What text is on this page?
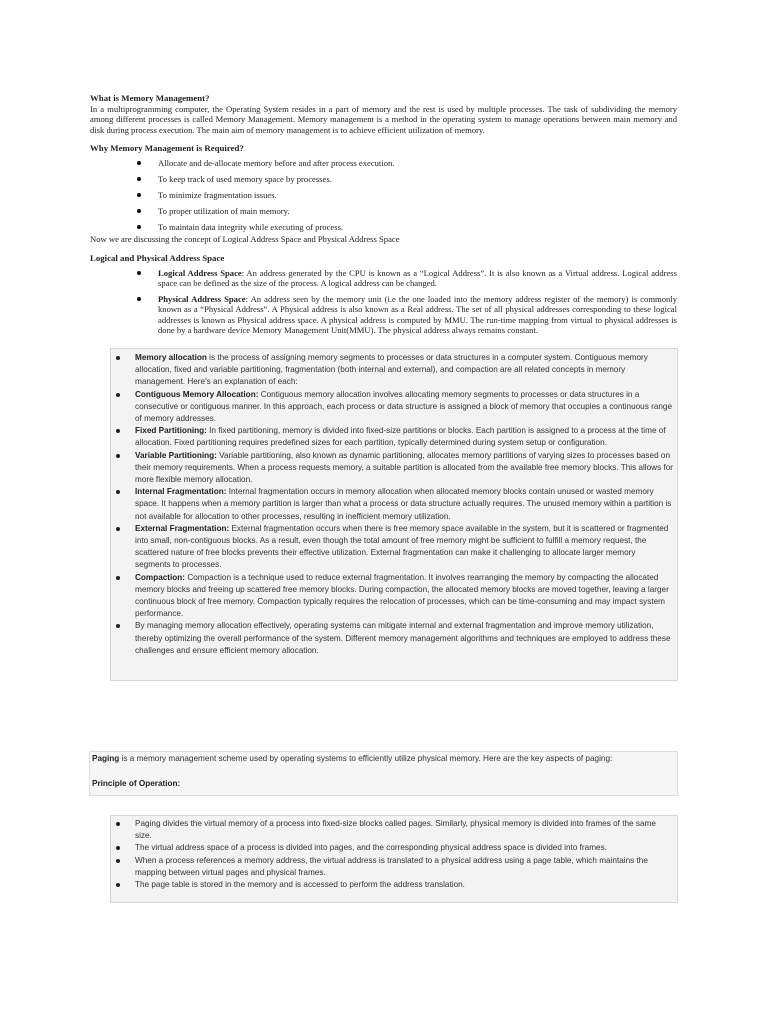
What is Memory Management?
In a multiprogramming computer, the Operating System resides in a part of memory and the rest is used by multiple processes. The task of subdividing the memory among different processes is called Memory Management. Memory management is a method in the operating system to manage operations between main memory and disk during process execution. The main aim of memory management is to achieve efficient utilization of memory.
Why Memory Management is Required?
Allocate and de-allocate memory before and after process execution.
To keep track of used memory space by processes.
To minimize fragmentation issues.
To proper utilization of main memory.
To maintain data integrity while executing of process.
Now we are discussing the concept of Logical Address Space and Physical Address Space
Logical and Physical Address Space
Logical Address Space: An address generated by the CPU is known as a “Logical Address”. It is also known as a Virtual address. Logical address space can be defined as the size of the process. A logical address can be changed.
Physical Address Space: An address seen by the memory unit (i.e the one loaded into the memory address register of the memory) is commonly known as a “Physical Address”. A Physical address is also known as a Real address. The set of all physical addresses corresponding to these logical addresses is known as Physical address space. A physical address is computed by MMU. The run-time mapping from virtual to physical addresses is done by a hardware device Memory Management Unit(MMU). The physical address always remains constant.
Memory allocation is the process of assigning memory segments to processes or data structures in a computer system. Contiguous memory allocation, fixed and variable partitioning, fragmentation (both internal and external), and compaction are all related concepts in memory management. Here's an explanation of each:
Contiguous Memory Allocation: Contiguous memory allocation involves allocating memory segments to processes or data structures in a consecutive or contiguous manner. In this approach, each process or data structure is assigned a block of memory that occupies a continuous range of memory addresses.
Fixed Partitioning: In fixed partitioning, memory is divided into fixed-size partitions or blocks. Each partition is assigned to a process at the time of allocation. Fixed partitioning requires predefined sizes for each partition, typically determined during system setup or configuration.
Variable Partitioning: Variable partitioning, also known as dynamic partitioning, allocates memory partitions of varying sizes to processes based on their memory requirements. When a process requests memory, a suitable partition is allocated from the available free memory blocks. This allows for more flexible memory allocation.
Internal Fragmentation: Internal fragmentation occurs in memory allocation when allocated memory blocks contain unused or wasted memory space. It happens when a memory partition is larger than what a process or data structure actually requires. The unused memory within a partition is not available for allocation to other processes, resulting in inefficient memory utilization.
External Fragmentation: External fragmentation occurs when there is free memory space available in the system, but it is scattered or fragmented into small, non-contiguous blocks. As a result, even though the total amount of free memory might be sufficient to fulfill a memory request, the scattered nature of free blocks prevents their effective utilization. External fragmentation can make it challenging to allocate larger memory segments to processes.
Compaction: Compaction is a technique used to reduce external fragmentation. It involves rearranging the memory by compacting the allocated memory blocks and freeing up scattered free memory blocks. During compaction, the allocated memory blocks are moved together, leaving a larger continuous block of free memory. Compaction typically requires the relocation of processes, which can be time-consuming and may impact system performance.
By managing memory allocation effectively, operating systems can mitigate internal and external fragmentation and improve memory utilization, thereby optimizing the overall performance of the system. Different memory management algorithms and techniques are employed to address these challenges and ensure efficient memory allocation.
Paging is a memory management scheme used by operating systems to efficiently utilize physical memory. Here are the key aspects of paging:
Principle of Operation:
Paging divides the virtual memory of a process into fixed-size blocks called pages. Similarly, physical memory is divided into frames of the same size.
The virtual address space of a process is divided into pages, and the corresponding physical address space is divided into frames.
When a process references a memory address, the virtual address is translated to a physical address using a page table, which maintains the mapping between virtual pages and physical frames.
The page table is stored in the memory and is accessed to perform the address translation.
